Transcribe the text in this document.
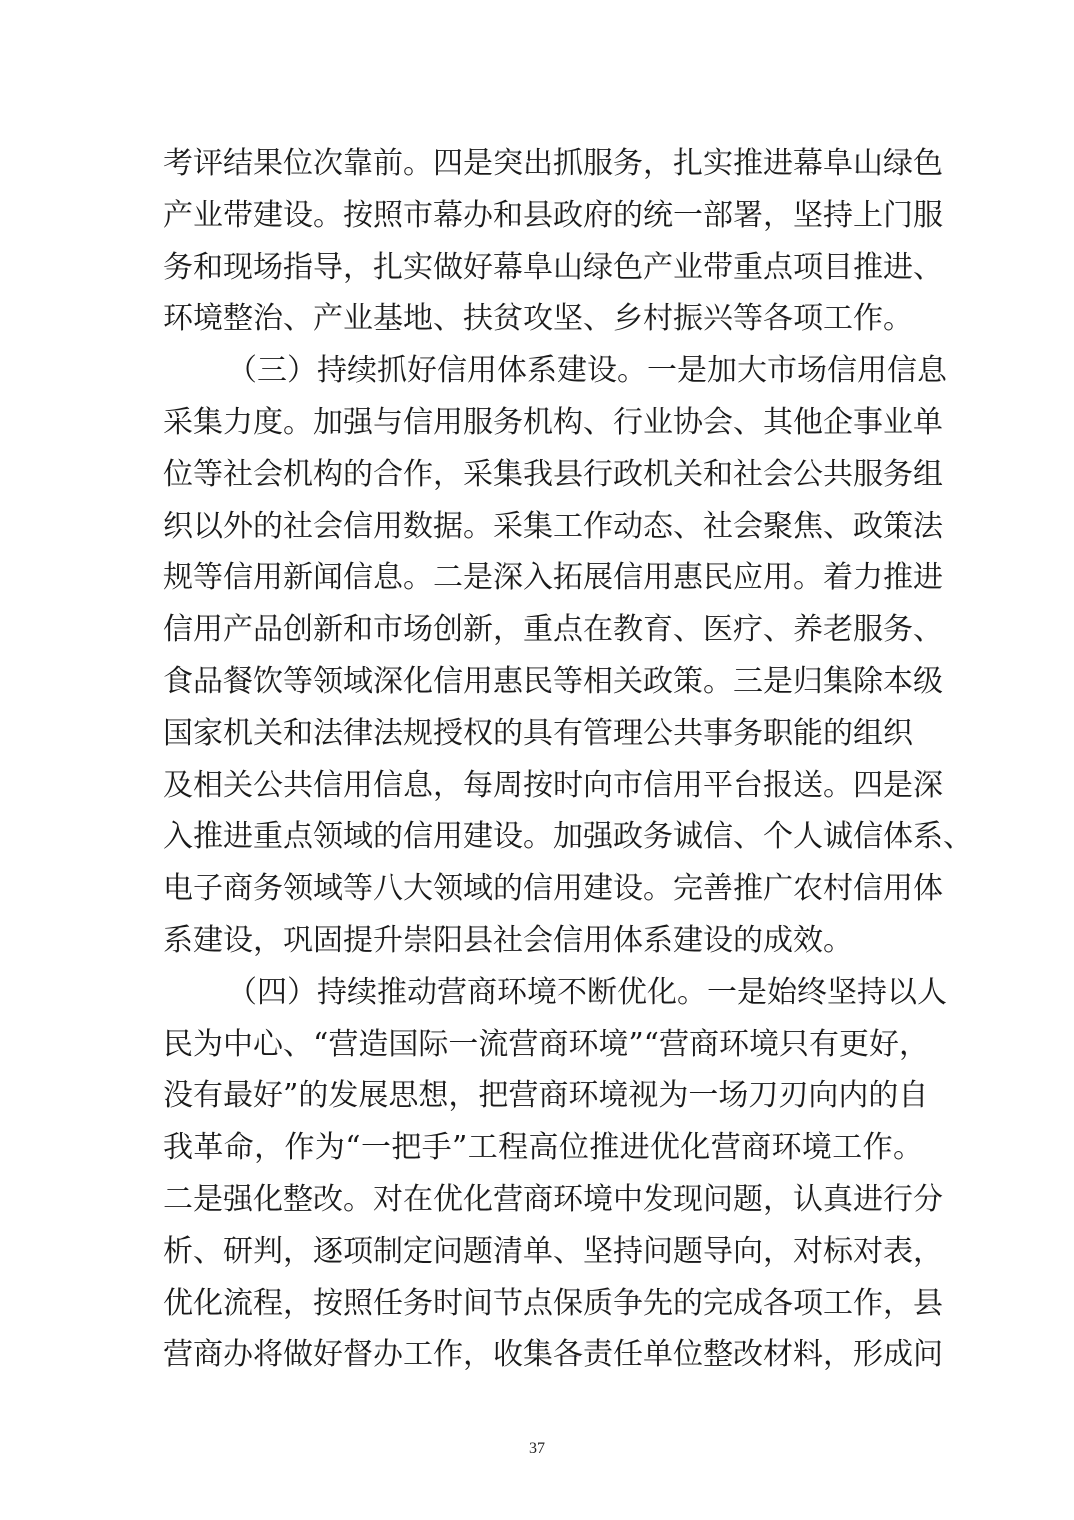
考评结果位次靠前。四是突出抓服务，扎实推进幕阜山绿色
产业带建设。按照市幕办和县政府的统一部署，坚持上门服
务和现场指导，扎实做好幕阜山绿色产业带重点项目推进、
环境整治、产业基地、扶贫攻坚、乡村振兴等各项工作。
（三）持续抓好信用体系建设。一是加大市场信用信息
采集力度。加强与信用服务机构、行业协会、其他企事业单
位等社会机构的合作，采集我县行政机关和社会公共服务组
织以外的社会信用数据。采集工作动态、社会聚焦、政策法
规等信用新闻信息。二是深入拓展信用惠民应用。着力推进
信用产品创新和市场创新，重点在教育、医疗、养老服务、
食品餐饮等领域深化信用惠民等相关政策。三是归集除本级
国家机关和法律法规授权的具有管理公共事务职能的组织
及相关公共信用信息，每周按时向市信用平台报送。四是深
入推进重点领域的信用建设。加强政务诚信、个人诚信体系、
电子商务领域等八大领域的信用建设。完善推广农村信用体
系建设，巩固提升崇阳县社会信用体系建设的成效。
（四）持续推动营商环境不断优化。一是始终坚持以人
民为中心、“营造国际一流营商环境”“营商环境只有更好，
没有最好”的发展思想，把营商环境视为一场刀刃向内的自
我革命，作为“一把手”工程高位推进优化营商环境工作。
二是强化整改。对在优化营商环境中发现问题，认真进行分
析、研判，逐项制定问题清单、坚持问题导向，对标对表，
优化流程，按照任务时间节点保质争先的完成各项工作，县
营商办将做好督办工作，收集各责任单位整改材料，形成问
37
